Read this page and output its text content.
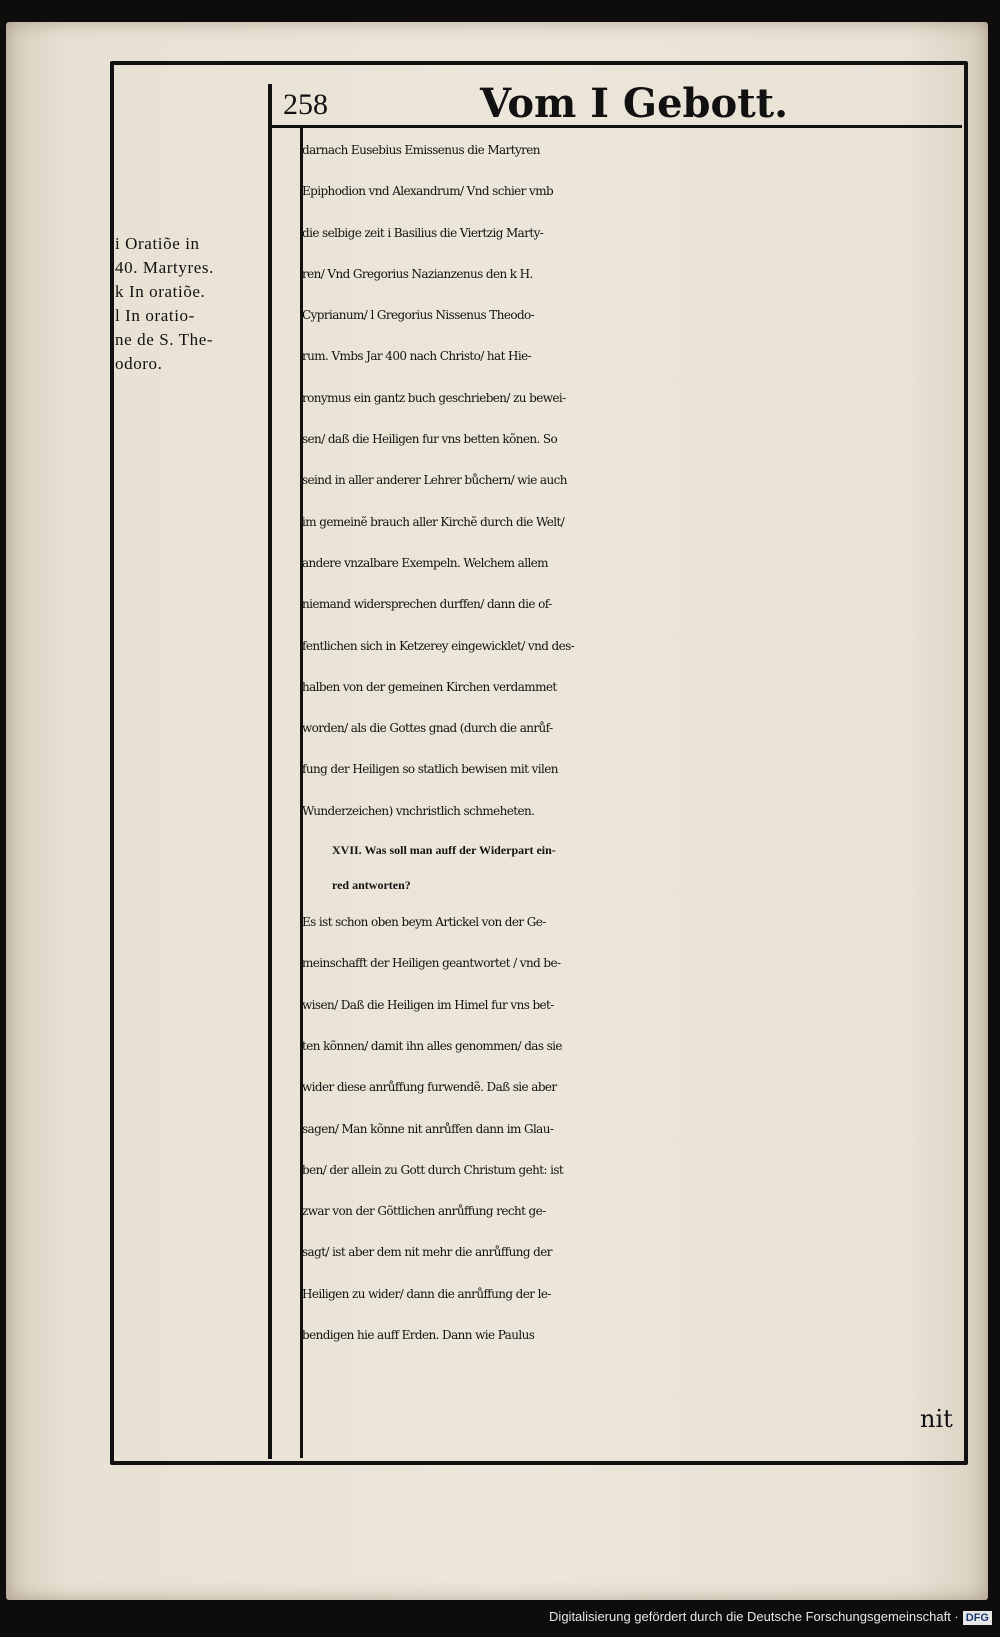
258	Vom I Gebott.
i Oratiõe in
40. Martyres.
k In oratiõe.
l In oratio-
ne de S. The-
odoro.
darnach Eusebius Emissenus die Martyren
Epiphodion vnd Alexandrum/ Vnd schier vmb
die selbige zeit i Basilius die Viertzig Marty-
ren/ Vnd Gregorius Nazianzenus den k H.
Cyprianum/ l Gregorius Nissenus Theodo-
rum. Vmbs Jar 400 nach Christo/ hat Hie-
ronymus ein gantz buch geschrieben/ zu bewei-
sen/ daß die Heiligen fur vns betten kõnen. So
seind in aller anderer Lehrer bůchern/ wie auch
im gemeinẽ brauch aller Kirchẽ durch die Welt/
andere vnzalbare Exempeln. Welchem allem
niemand widersprechen durffen/ dann die of-
fentlichen sich in Ketzerey eingewicklet/ vnd des-
halben von der gemeinen Kirchen verdammet
worden/ als die Gottes gnad (durch die anrůf-
fung der Heiligen so statlich bewisen mit vilen
Wunderzeichen) vnchristlich schmeheten.
XVII. Was soll man auff der Widerpart ein-
red antworten?
Es ist schon oben beym Artickel von der Ge-
meinschafft der Heiligen geantwortet / vnd be-
wisen/ Daß die Heiligen im Himel fur vns bet-
ten kõnnen/ damit ihn alles genommen/ das sie
wider diese anrůffung furwendẽ. Daß sie aber
sagen/ Man kõnne nit anrůffen dann im Glau-
ben/ der allein zu Gott durch Christum geht: ist
zwar von der Gõttlichen anrůffung recht ge-
sagt/ ist aber dem nit mehr die anrůffung der
Heiligen zu wider/ dann die anrůffung der le-
bendigen hie auff Erden. Dann wie Paulus
nit
Digitalisierung gefördert durch die Deutsche Forschungsgemeinschaft · DFG
